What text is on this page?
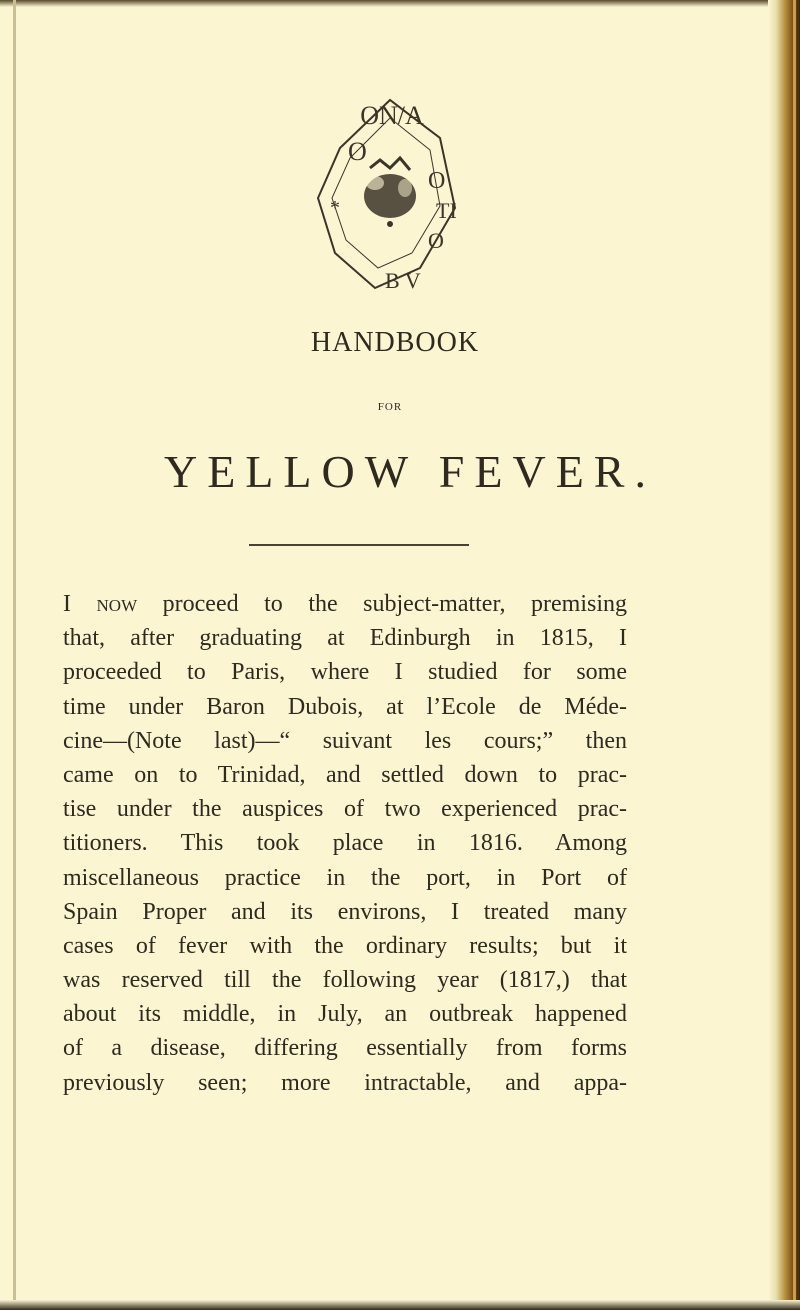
ON/A
O
O
TI
*
O
B V
HANDBOOK
FOR
YELLOW FEVER.
I now proceed to the subject-matter, premising
that, after graduating at Edinburgh in 1815, I
proceeded to Paris, where I studied for some
time under Baron Dubois, at l’Ecole de Méde-
cine—(Note last)—“ suivant les cours;” then
came on to Trinidad, and settled down to prac-
tise under the auspices of two experienced prac-
titioners. This took place in 1816. Among
miscellaneous practice in the port, in Port of
Spain Proper and its environs, I treated many
cases of fever with the ordinary results; but it
was reserved till the following year (1817,) that
about its middle, in July, an outbreak happened
of a disease, differing essentially from forms
previously seen; more intractable, and appa-
